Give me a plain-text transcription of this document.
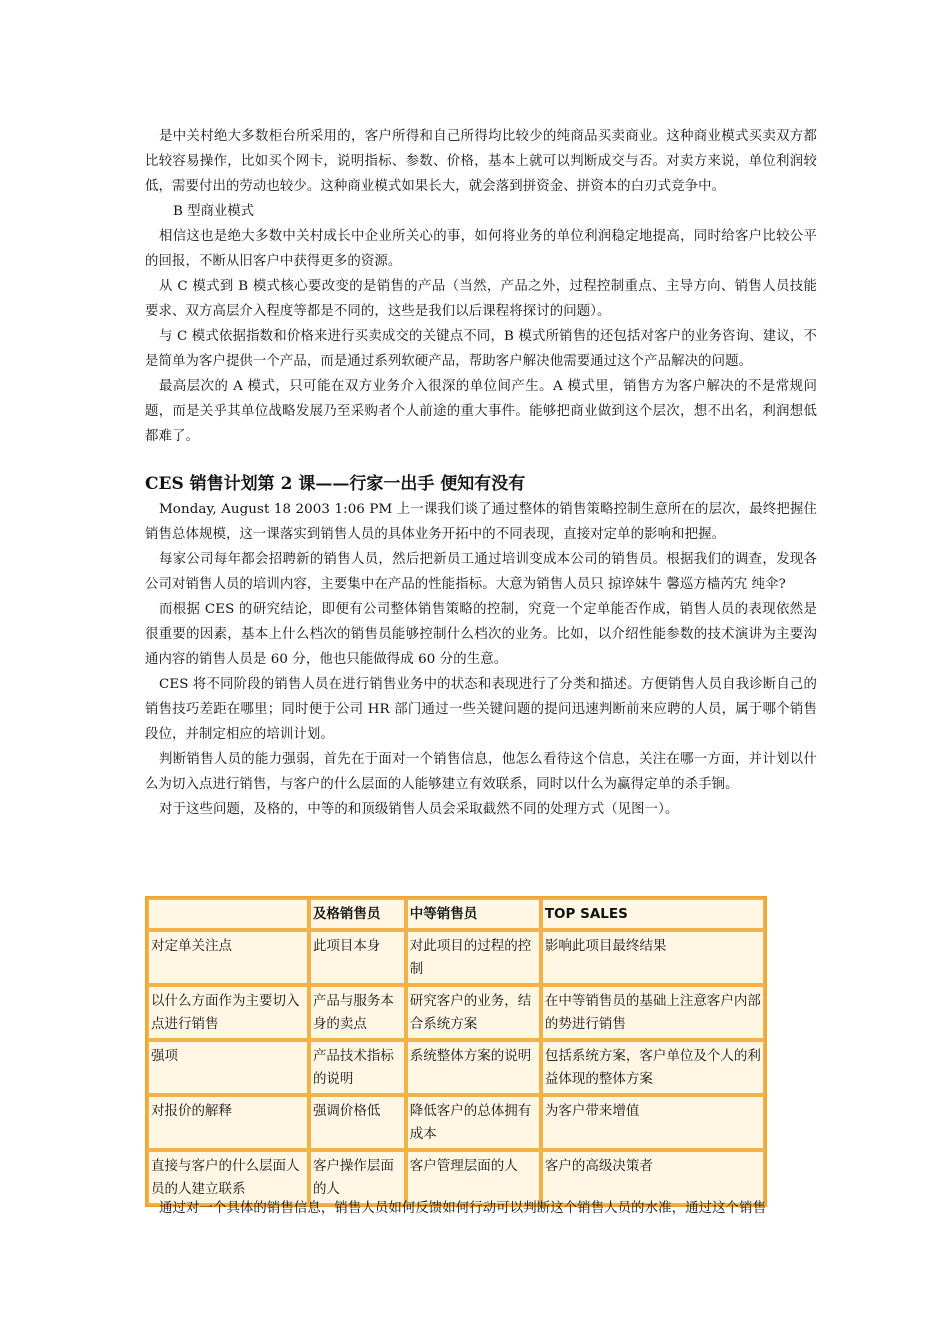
是中关村绝大多数柜台所采用的，客户所得和自己所得均比较少的纯商品买卖商业。这种商业模式买卖双方都比较容易操作，比如买个网卡，说明指标、参数、价格，基本上就可以判断成交与否。对卖方来说，单位利润较低，需要付出的劳动也较少。这种商业模式如果长大，就会落到拼资金、拼资本的白刃式竞争中。

B 型商业模式

相信这也是绝大多数中关村成长中企业所关心的事，如何将业务的单位利润稳定地提高，同时给客户比较公平的回报，不断从旧客户中获得更多的资源。

从 C 模式到 B 模式核心要改变的是销售的产品（当然，产品之外，过程控制重点、主导方向、销售人员技能要求、双方高层介入程度等都是不同的，这些是我们以后课程将探讨的问题）。

与 C 模式依据指数和价格来进行买卖成交的关键点不同，B 模式所销售的还包括对客户的业务咨询、建议，不是简单为客户提供一个产品，而是通过系列软硬产品，帮助客户解决他需要通过这个产品解决的问题。

最高层次的 A 模式，只可能在双方业务介入很深的单位间产生。A 模式里，销售方为客户解决的不是常规问题，而是关乎其单位战略发展乃至采购者个人前途的重大事件。能够把商业做到这个层次，想不出名，利润想低都难了。

CES 销售计划第 2 课——行家一出手 便知有没有

Monday, August 18 2003 1:06 PM 上一课我们谈了通过整体的销售策略控制生意所在的层次，最终把握住销售总体规模，这一课落实到销售人员的具体业务开拓中的不同表现，直接对定单的影响和把握。

每家公司每年都会招聘新的销售人员，然后把新员工通过培训变成本公司的销售员。根据我们的调查，发现各公司对销售人员的培训内容，主要集中在产品的性能指标。大意为销售人员只 掠谇妹牛 馨巡方樯芮宄 纯伞?

而根据 CES 的研究结论，即便有公司整体销售策略的控制，究竟一个定单能否作成，销售人员的表现依然是很重要的因素，基本上什么档次的销售员能够控制什么档次的业务。比如，以介绍性能参数的技术演讲为主要沟通内容的销售人员是 60 分，他也只能做得成 60 分的生意。

CES 将不同阶段的销售人员在进行销售业务中的状态和表现进行了分类和描述。方便销售人员自我诊断自己的销售技巧差距在哪里；同时便于公司 HR 部门通过一些关键问题的提问迅速判断前来应聘的人员，属于哪个销售段位，并制定相应的培训计划。

判断销售人员的能力强弱，首先在于面对一个销售信息，他怎么看待这个信息，关注在哪一方面，并计划以什么为切入点进行销售，与客户的什么层面的人能够建立有效联系，同时以什么为赢得定单的杀手锏。

对于这些问题，及格的，中等的和顶级销售人员会采取截然不同的处理方式（见图一）。

	及格销售员	中等销售员	TOP SALES
对定单关注点	此项目本身	对此项目的过程的控制	影响此项目最终结果
以什么方面作为主要切入点进行销售	产品与服务本身的卖点	研究客户的业务，结合系统方案	在中等销售员的基础上注意客户内部的势进行销售
强项	产品技术指标的说明	系统整体方案的说明	包括系统方案，客户单位及个人的利益体现的整体方案
对报价的解释	强调价格低	降低客户的总体拥有成本	为客户带来增值
直接与客户的什么层面人员的人建立联系	客户操作层面的人	客户管理层面的人	客户的高级决策者

通过对一个具体的销售信息，销售人员如何反馈如何行动可以判断这个销售人员的水准，通过这个销售
